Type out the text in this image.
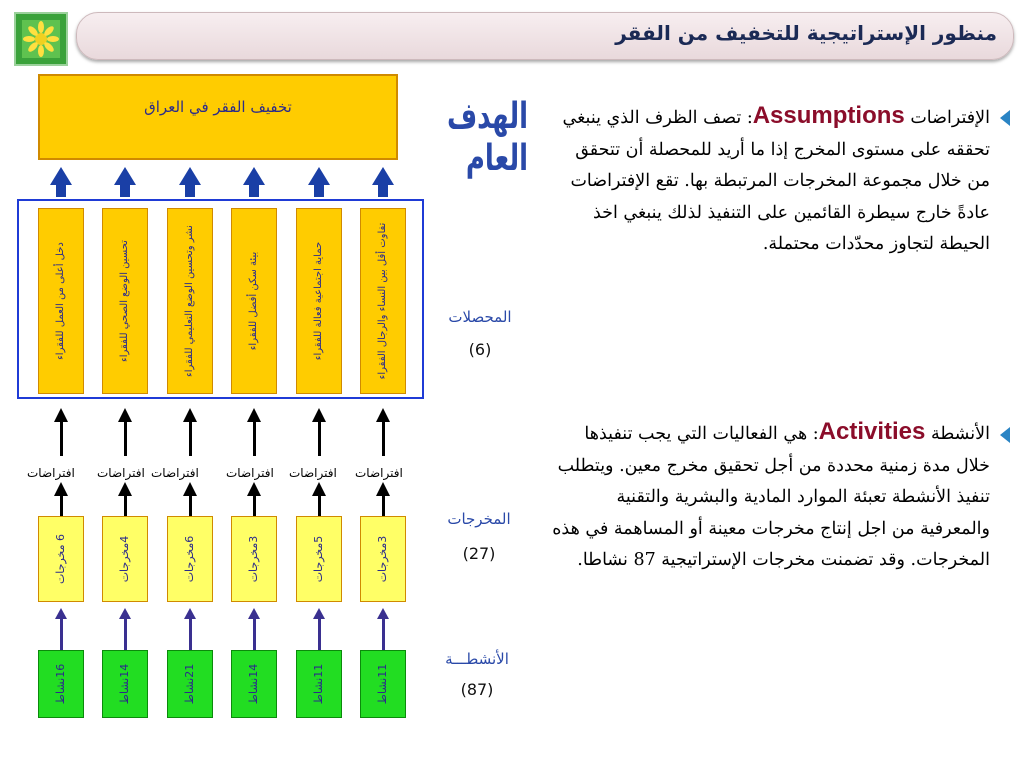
منظور الإستراتيجية للتخفيف من الفقر
تخفيف الفقر في العراق	الهدف العام
دخل أعلى من العمل للفقراء	تحسين الوضع الصحي للفقراء	نشر وتحسين الوضع التعليمي للفقراء	بيئة سكن أفضل للفقراء	حماية اجتماعية فعالة للفقراء	تفاوت أقل بين النساء والرجال الفقراء	المحصلات
(6)
افتراضات افتراضات افتراضات افتراضات افتراضات افتراضات
6 مخرجات
4مخرجات
6مخرجات
3مخرجات
5مخرجات
3مخرجات
المخرجات
(27)
16نشاط
14نشاط
21نشاط
14نشاط
11نشاط
11نشاط
الأنشطـــة
(87)
الإفتراضات Assumptions: تصف الظرف الذي ينبغي تحققه على مستوى المخرج إذا ما أريد للمحصلة أن تتحقق من خلال مجموعة المخرجات المرتبطة بها. تقع الإفتراضات عادةً خارج سيطرة القائمين على التنفيذ لذلك ينبغي اخذ الحيطة لتجاوز محدّدات محتملة.
الأنشطة Activities: هي الفعاليات التي يجب تنفيذها خلال مدة زمنية محددة من أجل تحقيق مخرج معين. ويتطلب تنفيذ الأنشطة تعبئة الموارد المادية والبشرية والتقنية والمعرفية من اجل إنتاج مخرجات معينة أو المساهمة في هذه المخرجات. وقد تضمنت مخرجات الإستراتيجية 87 نشاطا.
